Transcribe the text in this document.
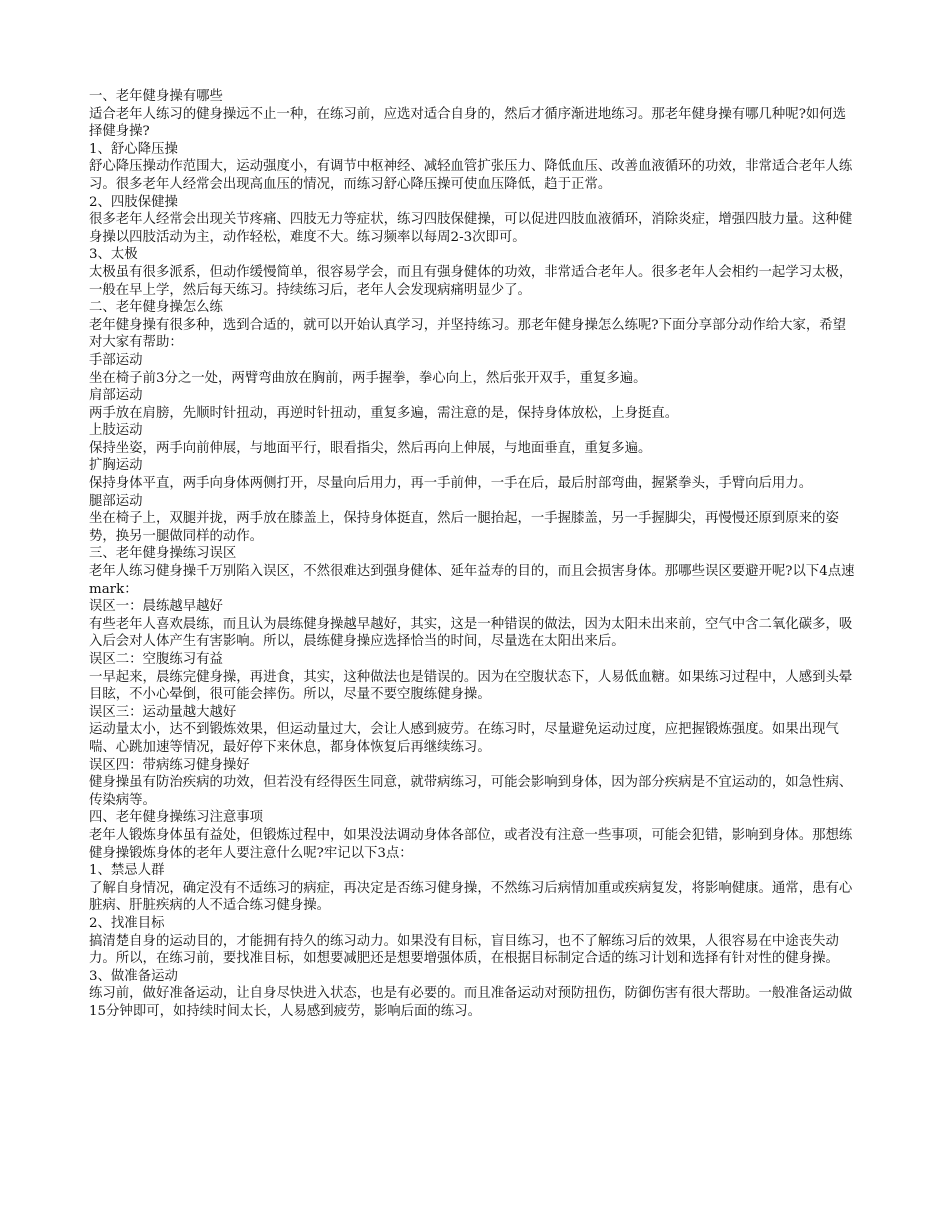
一、老年健身操有哪些

适合老年人练习的健身操远不止一种，在练习前，应选对适合自身的，然后才循序渐进地练习。那老年健身操有哪几种呢?如何选择健身操?

1、舒心降压操

舒心降压操动作范围大，运动强度小，有调节中枢神经、减轻血管扩张压力、降低血压、改善血液循环的功效，非常适合老年人练习。很多老年人经常会出现高血压的情况，而练习舒心降压操可使血压降低，趋于正常。

2、四肢保健操

很多老年人经常会出现关节疼痛、四肢无力等症状，练习四肢保健操，可以促进四肢血液循环，消除炎症，增强四肢力量。这种健身操以四肢活动为主，动作轻松，难度不大。练习频率以每周2-3次即可。

3、太极

太极虽有很多派系，但动作缓慢简单，很容易学会，而且有强身健体的功效，非常适合老年人。很多老年人会相约一起学习太极，一般在早上学，然后每天练习。持续练习后，老年人会发现病痛明显少了。

二、老年健身操怎么练

老年健身操有很多种，选到合适的，就可以开始认真学习，并坚持练习。那老年健身操怎么练呢?下面分享部分动作给大家，希望对大家有帮助：

手部运动

坐在椅子前3分之一处，两臂弯曲放在胸前，两手握拳，拳心向上，然后张开双手，重复多遍。

肩部运动

两手放在肩膀，先顺时针扭动，再逆时针扭动，重复多遍，需注意的是，保持身体放松，上身挺直。

上肢运动

保持坐姿，两手向前伸展，与地面平行，眼看指尖，然后再向上伸展，与地面垂直，重复多遍。

扩胸运动

保持身体平直，两手向身体两侧打开，尽量向后用力，再一手前伸，一手在后，最后肘部弯曲，握紧拳头，手臂向后用力。

腿部运动

坐在椅子上，双腿并拢，两手放在膝盖上，保持身体挺直，然后一腿抬起，一手握膝盖，另一手握脚尖，再慢慢还原到原来的姿势，换另一腿做同样的动作。

三、老年健身操练习误区

老年人练习健身操千万别陷入误区，不然很难达到强身健体、延年益寿的目的，而且会损害身体。那哪些误区要避开呢?以下4点速mark：

误区一：晨练越早越好

有些老年人喜欢晨练，而且认为晨练健身操越早越好，其实，这是一种错误的做法，因为太阳未出来前，空气中含二氧化碳多，吸入后会对人体产生有害影响。所以，晨练健身操应选择恰当的时间，尽量选在太阳出来后。

误区二：空腹练习有益

一早起来，晨练完健身操，再进食，其实，这种做法也是错误的。因为在空腹状态下，人易低血糖。如果练习过程中，人感到头晕目眩，不小心晕倒，很可能会摔伤。所以，尽量不要空腹练健身操。

误区三：运动量越大越好

运动量太小，达不到锻炼效果，但运动量过大，会让人感到疲劳。在练习时，尽量避免运动过度，应把握锻炼强度。如果出现气喘、心跳加速等情况，最好停下来休息，都身体恢复后再继续练习。

误区四：带病练习健身操好

健身操虽有防治疾病的功效，但若没有经得医生同意，就带病练习，可能会影响到身体，因为部分疾病是不宜运动的，如急性病、传染病等。

四、老年健身操练习注意事项

老年人锻炼身体虽有益处，但锻炼过程中，如果没法调动身体各部位，或者没有注意一些事项，可能会犯错，影响到身体。那想练健身操锻炼身体的老年人要注意什么呢?牢记以下3点：

1、禁忌人群

了解自身情况，确定没有不适练习的病症，再决定是否练习健身操，不然练习后病情加重或疾病复发，将影响健康。通常，患有心脏病、肝脏疾病的人不适合练习健身操。

2、找准目标

搞清楚自身的运动目的，才能拥有持久的练习动力。如果没有目标，盲目练习，也不了解练习后的效果，人很容易在中途丧失动力。所以，在练习前，要找准目标，如想要减肥还是想要增强体质，在根据目标制定合适的练习计划和选择有针对性的健身操。

3、做准备运动

练习前，做好准备运动，让自身尽快进入状态，也是有必要的。而且准备运动对预防扭伤，防御伤害有很大帮助。一般准备运动做15分钟即可，如持续时间太长，人易感到疲劳，影响后面的练习。
